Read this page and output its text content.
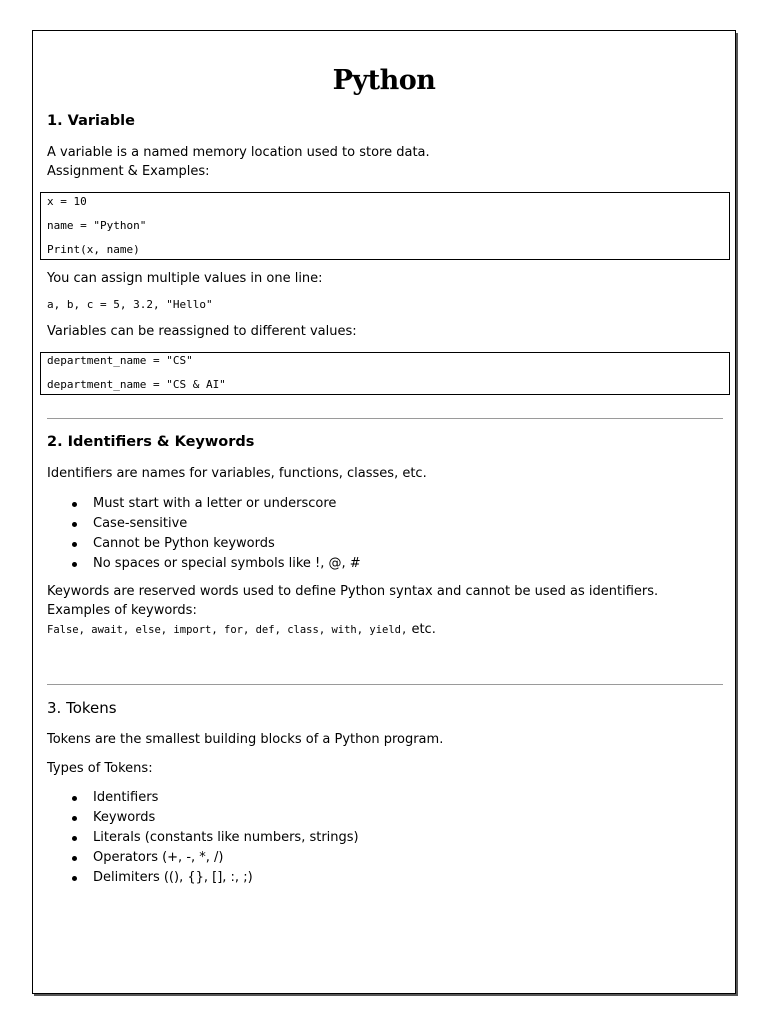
Python
1. Variable
A variable is a named memory location used to store data.
Assignment & Examples:
x = 10
name = "Python"
Print(x, name)
You can assign multiple values in one line:
a, b, c = 5, 3.2, "Hello"
Variables can be reassigned to different values:
department_name = "CS"
department_name = "CS & AI"
2. Identifiers & Keywords
Identifiers are names for variables, functions, classes, etc.
Must start with a letter or underscore
Case-sensitive
Cannot be Python keywords
No spaces or special symbols like !, @, #
Keywords are reserved words used to define Python syntax and cannot be used as identifiers.
Examples of keywords:
False, await, else, import, for, def, class, with, yield, etc.
3. Tokens
Tokens are the smallest building blocks of a Python program.
Types of Tokens:
Identifiers
Keywords
Literals (constants like numbers, strings)
Operators (+, -, *, /)
Delimiters ((), {}, [], :, ;)
